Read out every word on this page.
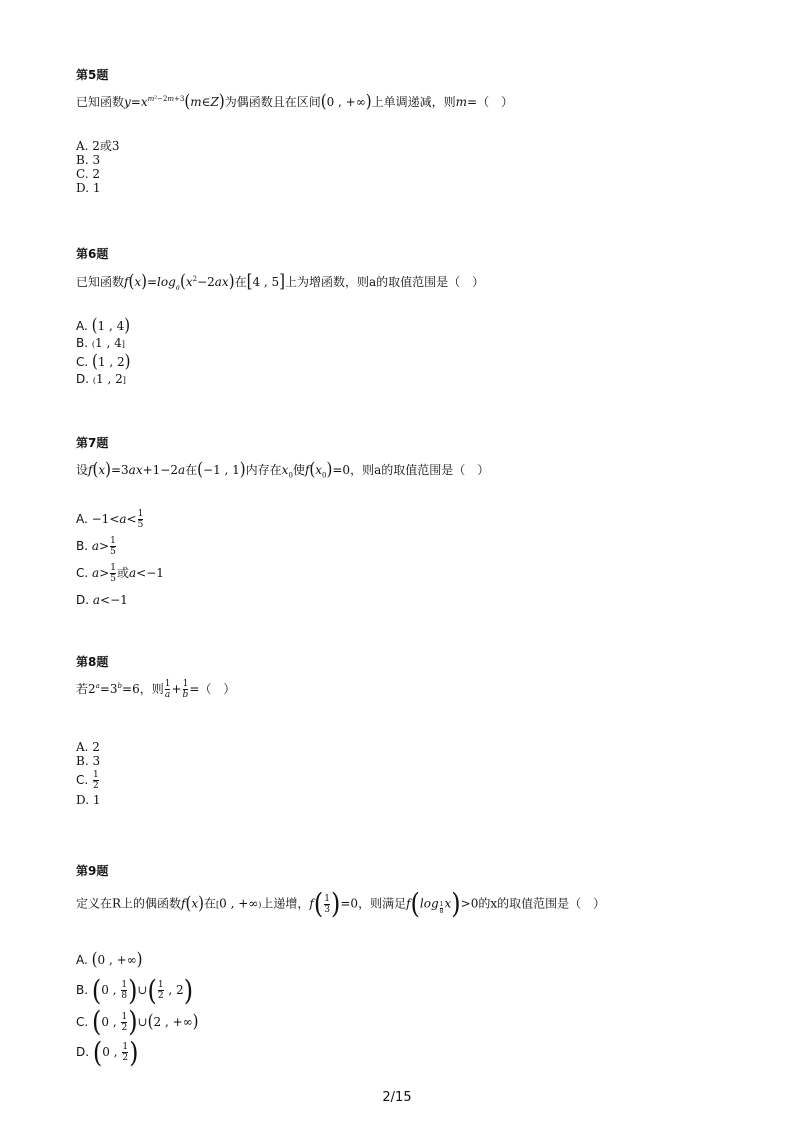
第5题
已知函数$y=x^{m^2-2m+3}(m\in Z)$为偶函数且在区间(0 , +∞)上单调递减，则m=（　）
A. 2或3
B. 3
C. 2
D. 1
第6题
已知函数$f(x)=\log_a(x^2-2ax)$在[4 , 5]上为增函数，则a的取值范围是（　）
A. (1 , 4)
B. (1 , 4]
C. (1 , 2)
D. (1 , 2]
第7题
设f(x)=3ax+1−2a在(−1 , 1)内存在$x_0$使$f(x_0)=0$，则a的取值范围是（　）
A. $-1<a< \frac{1}{5}$
B. $a> \frac{1}{5}$
C. $a> \frac{1}{5}$ 或a<−1
D. a<−1
第8题
若$2^a=3^b=6$，则 $\frac{1}{a} + \frac{1}{b}$ =（　）
A. 2
B. 3
C. $\frac{1}{2}$
D. 1
第9题
定义在R上的偶函数f(x)在[0 , +∞)上递增，$f( \frac{1}{3} )=0$，则满足f(log $_{\frac{1}{8}}$ x)>0的x的取值范围是（　）
A. (0 , +∞)
B. (0 , $\frac{1}{8}$ )∪( $\frac{1}{2}$ , 2)
C. (0 , $\frac{1}{2}$ )∪(2 , +∞)
D. (0 , $\frac{1}{2}$ )
2/15
